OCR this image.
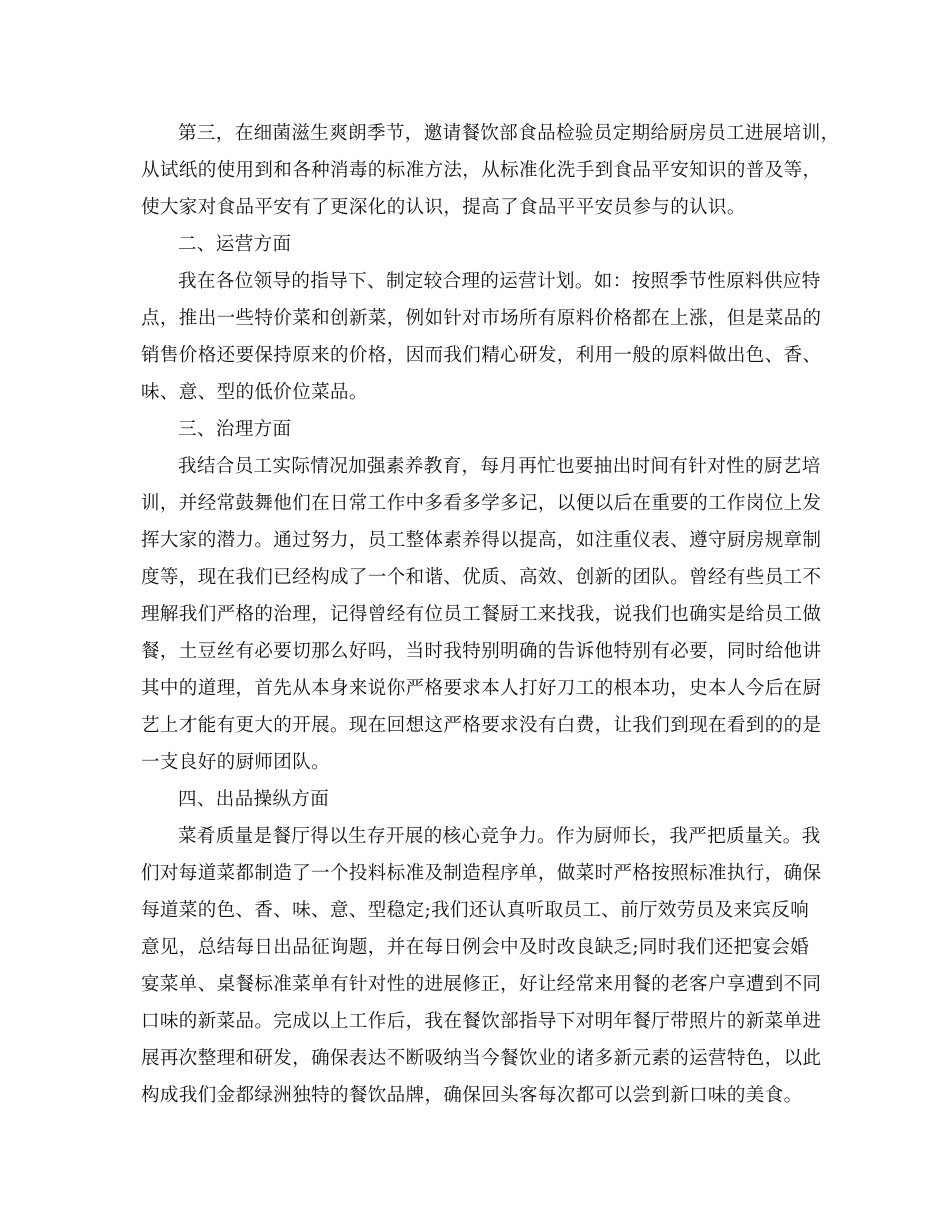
第三，在细菌滋生爽朗季节，邀请餐饮部食品检验员定期给厨房员工进展培训，
从试纸的使用到和各种消毒的标准方法，从标准化洗手到食品平安知识的普及等，
使大家对食品平安有了更深化的认识，提高了食品平平安员参与的认识。
二、运营方面
我在各位领导的指导下、制定较合理的运营计划。如：按照季节性原料供应特
点，推出一些特价菜和创新菜，例如针对市场所有原料价格都在上涨，但是菜品的
销售价格还要保持原来的价格，因而我们精心研发，利用一般的原料做出色、香、
味、意、型的低价位菜品。
三、治理方面
我结合员工实际情况加强素养教育，每月再忙也要抽出时间有针对性的厨艺培
训，并经常鼓舞他们在日常工作中多看多学多记，以便以后在重要的工作岗位上发
挥大家的潜力。通过努力，员工整体素养得以提高，如注重仪表、遵守厨房规章制
度等，现在我们已经构成了一个和谐、优质、高效、创新的团队。曾经有些员工不
理解我们严格的治理，记得曾经有位员工餐厨工来找我，说我们也确实是给员工做
餐，土豆丝有必要切那么好吗，当时我特别明确的告诉他特别有必要，同时给他讲
其中的道理，首先从本身来说你严格要求本人打好刀工的根本功，史本人今后在厨
艺上才能有更大的开展。现在回想这严格要求没有白费，让我们到现在看到的的是
一支良好的厨师团队。
四、出品操纵方面
菜肴质量是餐厅得以生存开展的核心竞争力。作为厨师长，我严把质量关。我
们对每道菜都制造了一个投料标准及制造程序单，做菜时严格按照标准执行，确保
每道菜的色、香、味、意、型稳定;我们还认真听取员工、前厅效劳员及来宾反响
意见，总结每日出品征询题，并在每日例会中及时改良缺乏;同时我们还把宴会婚
宴菜单、桌餐标准菜单有针对性的进展修正，好让经常来用餐的老客户享遭到不同
口味的新菜品。完成以上工作后，我在餐饮部指导下对明年餐厅带照片的新菜单进
展再次整理和研发，确保表达不断吸纳当今餐饮业的诸多新元素的运营特色，以此
构成我们金都绿洲独特的餐饮品牌，确保回头客每次都可以尝到新口味的美食。
